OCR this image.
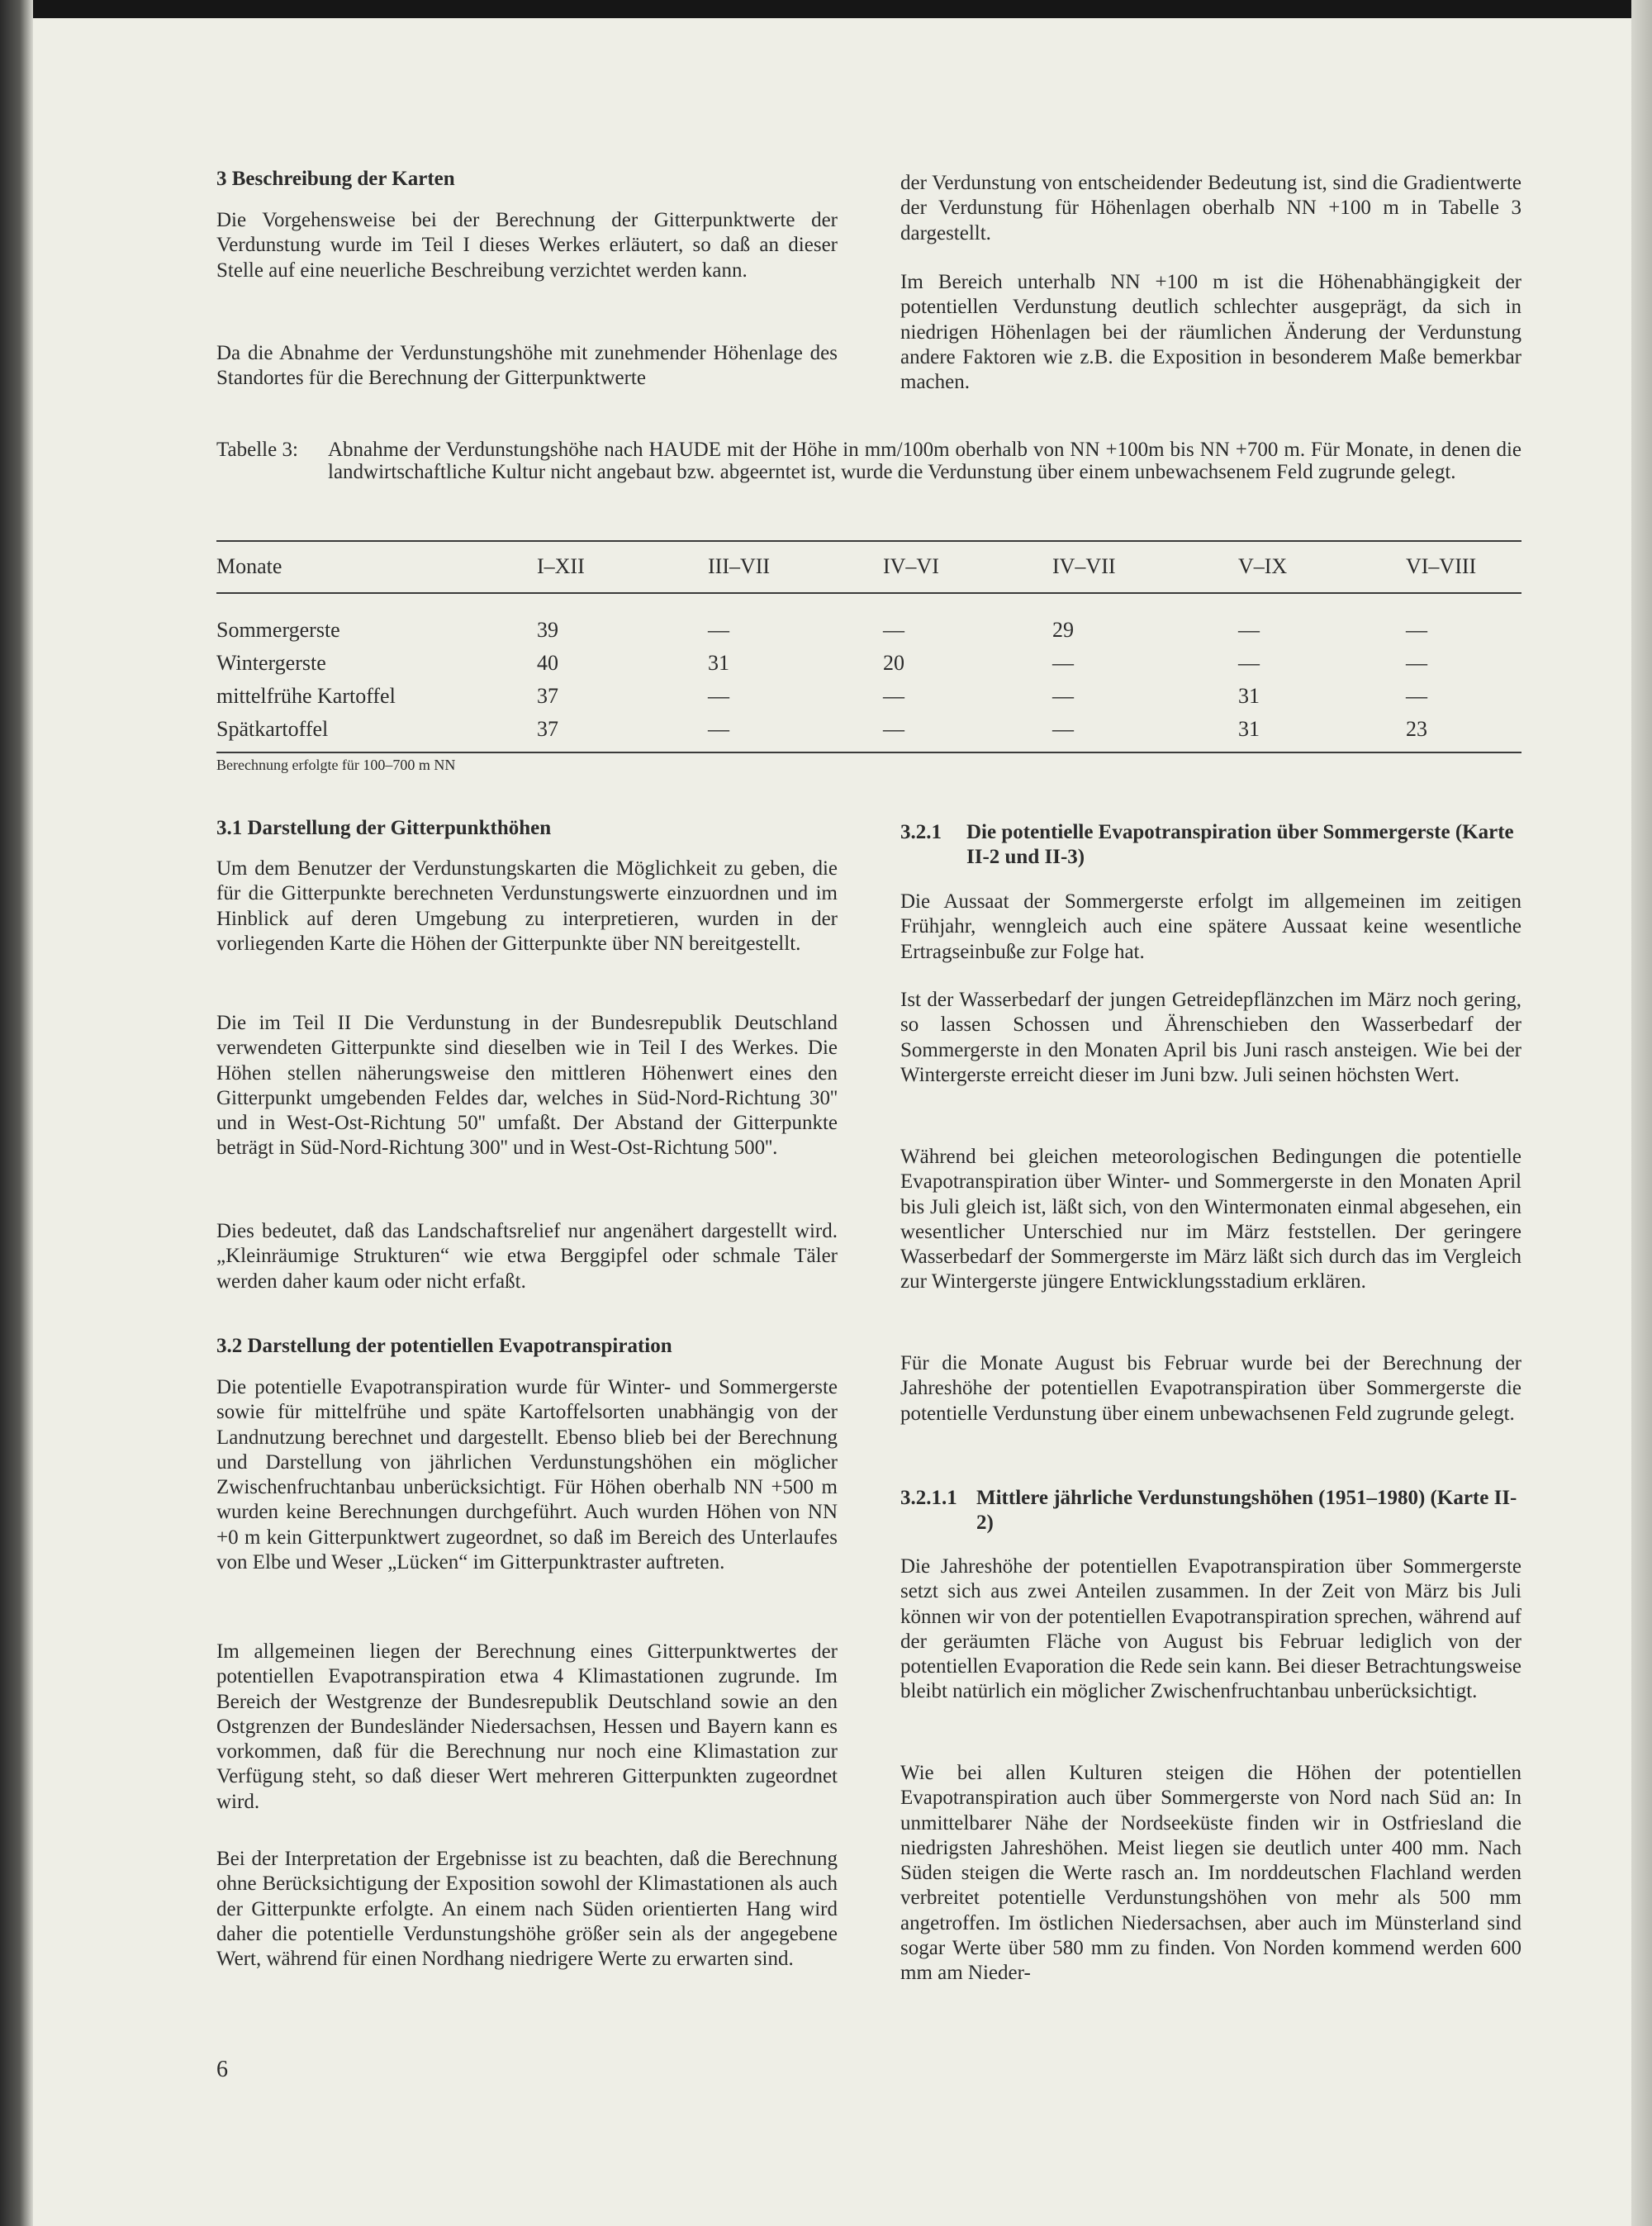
3 Beschreibung der Karten

Die Vorgehensweise bei der Berechnung der Gitterpunktwerte der Verdunstung wurde im Teil I dieses Werkes erläutert, so daß an dieser Stelle auf eine neuerliche Beschreibung verzichtet werden kann.

Da die Abnahme der Verdunstungshöhe mit zunehmender Höhenlage des Standortes für die Berechnung der Gitterpunktwerte

der Verdunstung von entscheidender Bedeutung ist, sind die Gradientwerte der Verdunstung für Höhenlagen oberhalb NN +100 m in Tabelle 3 dargestellt.

Im Bereich unterhalb NN +100 m ist die Höhenabhängigkeit der potentiellen Verdunstung deutlich schlechter ausgeprägt, da sich in niedrigen Höhenlagen bei der räumlichen Änderung der Verdunstung andere Faktoren wie z.B. die Exposition in besonderem Maße bemerkbar machen.

Tabelle 3: Abnahme der Verdunstungshöhe nach HAUDE mit der Höhe in mm/100m oberhalb von NN +100m bis NN +700 m. Für Monate, in denen die landwirtschaftliche Kultur nicht angebaut bzw. abgeerntet ist, wurde die Verdunstung über einem unbewachsenem Feld zugrunde gelegt.
Monate	I–XII	III–VII	IV–VI	IV–VII	V–IX	VI–VIII

Sommergerste	39	—	—	29	—	—
Wintergerste	40	31	20	—	—	—
mittelfrühe Kartoffel	37	—	—	—	31	—
Spätkartoffel	37	—	—	—	31	23
Berechnung erfolgte für 100–700 m NN

3.1 Darstellung der Gitterpunkthöhen

Um dem Benutzer der Verdunstungskarten die Möglichkeit zu geben, die für die Gitterpunkte berechneten Verdunstungswerte einzuordnen und im Hinblick auf deren Umgebung zu interpretieren, wurden in der vorliegenden Karte die Höhen der Gitterpunkte über NN bereitgestellt.

Die im Teil II Die Verdunstung in der Bundesrepublik Deutschland verwendeten Gitterpunkte sind dieselben wie in Teil I des Werkes. Die Höhen stellen näherungsweise den mittleren Höhenwert eines den Gitterpunkt umgebenden Feldes dar, welches in Süd-Nord-Richtung 30'' und in West-Ost-Richtung 50'' umfaßt. Der Abstand der Gitterpunkte beträgt in Süd-Nord-Richtung 300'' und in West-Ost-Richtung 500''.

Dies bedeutet, daß das Landschaftsrelief nur angenähert dargestellt wird. „Kleinräumige Strukturen“ wie etwa Berggipfel oder schmale Täler werden daher kaum oder nicht erfaßt.

3.2 Darstellung der potentiellen Evapotranspiration

Die potentielle Evapotranspiration wurde für Winter- und Sommergerste sowie für mittelfrühe und späte Kartoffelsorten unabhängig von der Landnutzung berechnet und dargestellt. Ebenso blieb bei der Berechnung und Darstellung von jährlichen Verdunstungshöhen ein möglicher Zwischenfruchtanbau unberücksichtigt. Für Höhen oberhalb NN +500 m wurden keine Berechnungen durchgeführt. Auch wurden Höhen von NN +0 m kein Gitterpunktwert zugeordnet, so daß im Bereich des Unterlaufes von Elbe und Weser „Lücken“ im Gitterpunktraster auftreten.

Im allgemeinen liegen der Berechnung eines Gitterpunktwertes der potentiellen Evapotranspiration etwa 4 Klimastationen zugrunde. Im Bereich der Westgrenze der Bundesrepublik Deutschland sowie an den Ostgrenzen der Bundesländer Niedersachsen, Hessen und Bayern kann es vorkommen, daß für die Berechnung nur noch eine Klimastation zur Verfügung steht, so daß dieser Wert mehreren Gitterpunkten zugeordnet wird.

Bei der Interpretation der Ergebnisse ist zu beachten, daß die Berechnung ohne Berücksichtigung der Exposition sowohl der Klimastationen als auch der Gitterpunkte erfolgte. An einem nach Süden orientierten Hang wird daher die potentielle Verdunstungshöhe größer sein als der angegebene Wert, während für einen Nordhang niedrigere Werte zu erwarten sind.

3.2.1	Die potentielle Evapotranspiration über Sommergerste (Karte II-2 und II-3)

Die Aussaat der Sommergerste erfolgt im allgemeinen im zeitigen Frühjahr, wenngleich auch eine spätere Aussaat keine wesentliche Ertragseinbuße zur Folge hat.

Ist der Wasserbedarf der jungen Getreidepflänzchen im März noch gering, so lassen Schossen und Ährenschieben den Wasserbedarf der Sommergerste in den Monaten April bis Juni rasch ansteigen. Wie bei der Wintergerste erreicht dieser im Juni bzw. Juli seinen höchsten Wert.

Während bei gleichen meteorologischen Bedingungen die potentielle Evapotranspiration über Winter- und Sommergerste in den Monaten April bis Juli gleich ist, läßt sich, von den Wintermonaten einmal abgesehen, ein wesentlicher Unterschied nur im März feststellen. Der geringere Wasserbedarf der Sommergerste im März läßt sich durch das im Vergleich zur Wintergerste jüngere Entwicklungsstadium erklären.

Für die Monate August bis Februar wurde bei der Berechnung der Jahreshöhe der potentiellen Evapotranspiration über Sommergerste die potentielle Verdunstung über einem unbewachsenen Feld zugrunde gelegt.

3.2.1.1 Mittlere jährliche Verdunstungshöhen (1951–1980) (Karte II-2)

Die Jahreshöhe der potentiellen Evapotranspiration über Sommergerste setzt sich aus zwei Anteilen zusammen. In der Zeit von März bis Juli können wir von der potentiellen Evapotranspiration sprechen, während auf der geräumten Fläche von August bis Februar lediglich von der potentiellen Evaporation die Rede sein kann. Bei dieser Betrachtungsweise bleibt natürlich ein möglicher Zwischenfruchtanbau unberücksichtigt.

Wie bei allen Kulturen steigen die Höhen der potentiellen Evapotranspiration auch über Sommergerste von Nord nach Süd an: In unmittelbarer Nähe der Nordseeküste finden wir in Ostfriesland die niedrigsten Jahreshöhen. Meist liegen sie deutlich unter 400 mm. Nach Süden steigen die Werte rasch an. Im norddeutschen Flachland werden verbreitet potentielle Verdunstungshöhen von mehr als 500 mm angetroffen. Im östlichen Niedersachsen, aber auch im Münsterland sind sogar Werte über 580 mm zu finden. Von Norden kommend werden 600 mm am Nieder-

6
